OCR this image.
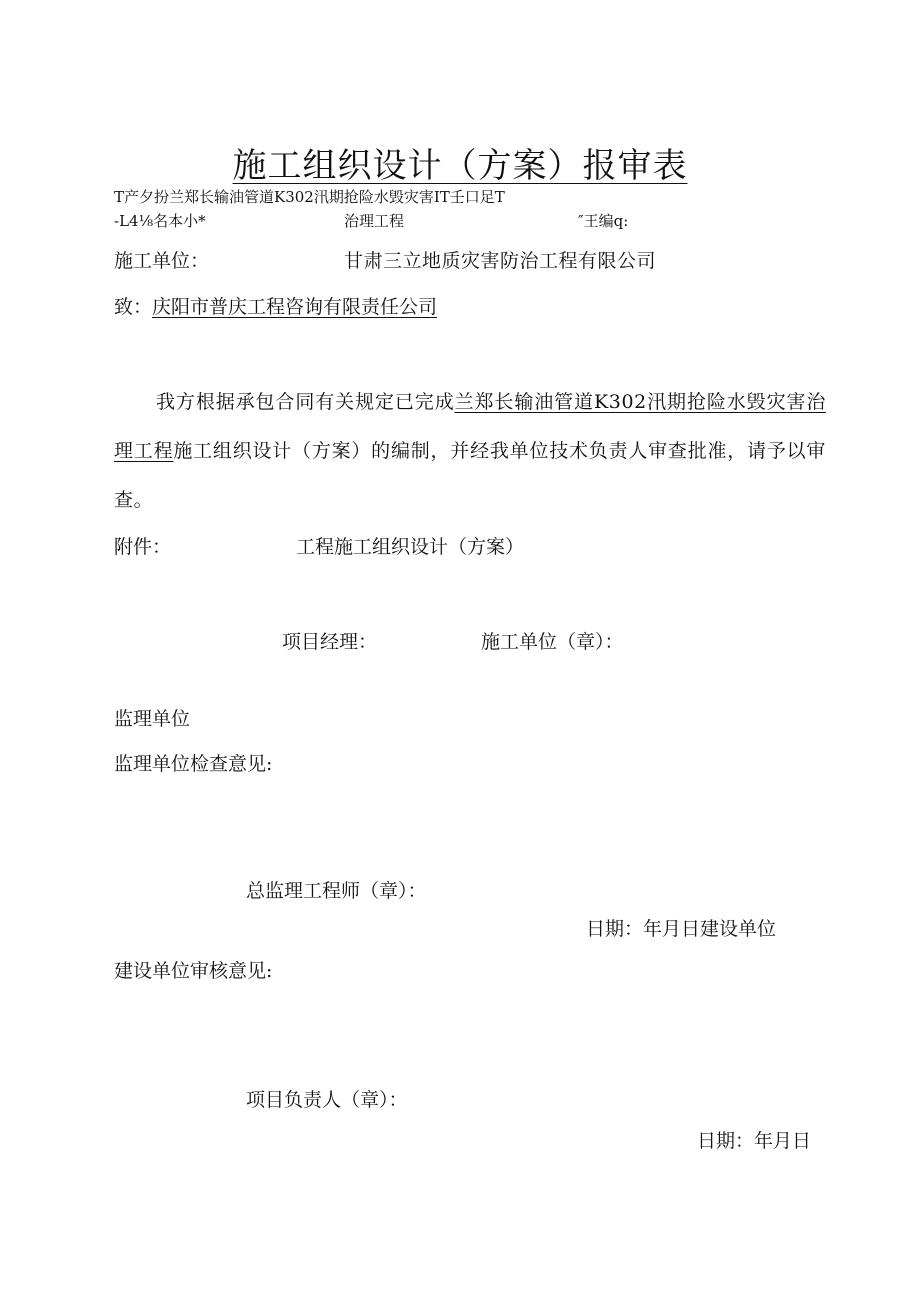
施工组织设计（方案）报审表
T产夕扮兰郑长输油管道K302汛期抢险水毁灾害IT壬口足T
-L4⅛名本小*	治理工程	″王编q:
施工单位：	甘肃三立地质灾害防治工程有限公司
致：庆阳市普庆工程咨询有限责任公司
我方根据承包合同有关规定已完成兰郑长输油管道K302汛期抢险水毁灾害治理工程施工组织设计（方案）的编制，并经我单位技术负责人审查批准，请予以审查。
附件：	工程施工组织设计（方案）
项目经理：	施工单位（章）：
监理单位
监理单位检查意见:
总监理工程师（章）：
日期：年月日建设单位
建设单位审核意见:
项目负责人（章）：
日期：年月日
